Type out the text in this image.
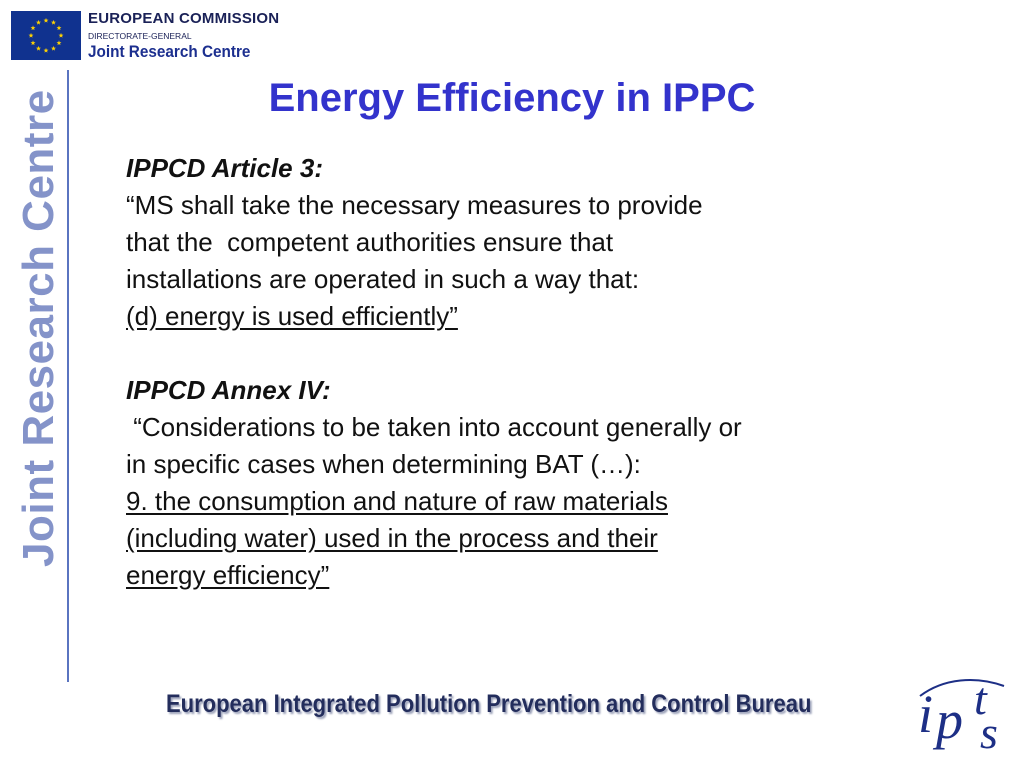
EUROPEAN COMMISSION
DIRECTORATE-GENERAL
Joint Research Centre
Joint Research Centre	Energy Efficiency in IPPC
IPPCD Article 3:
“MS shall take the necessary measures to provide
that the  competent authorities ensure that
installations are operated in such a way that:
(d) energy is used efficiently”
IPPCD Annex IV:
“Considerations to be taken into account generally or
in specific cases when determining BAT (…):
9. the consumption and nature of raw materials
(including water) used in the process and their
energy efficiency”
European Integrated Pollution Prevention and Control Bureau i p t
s
